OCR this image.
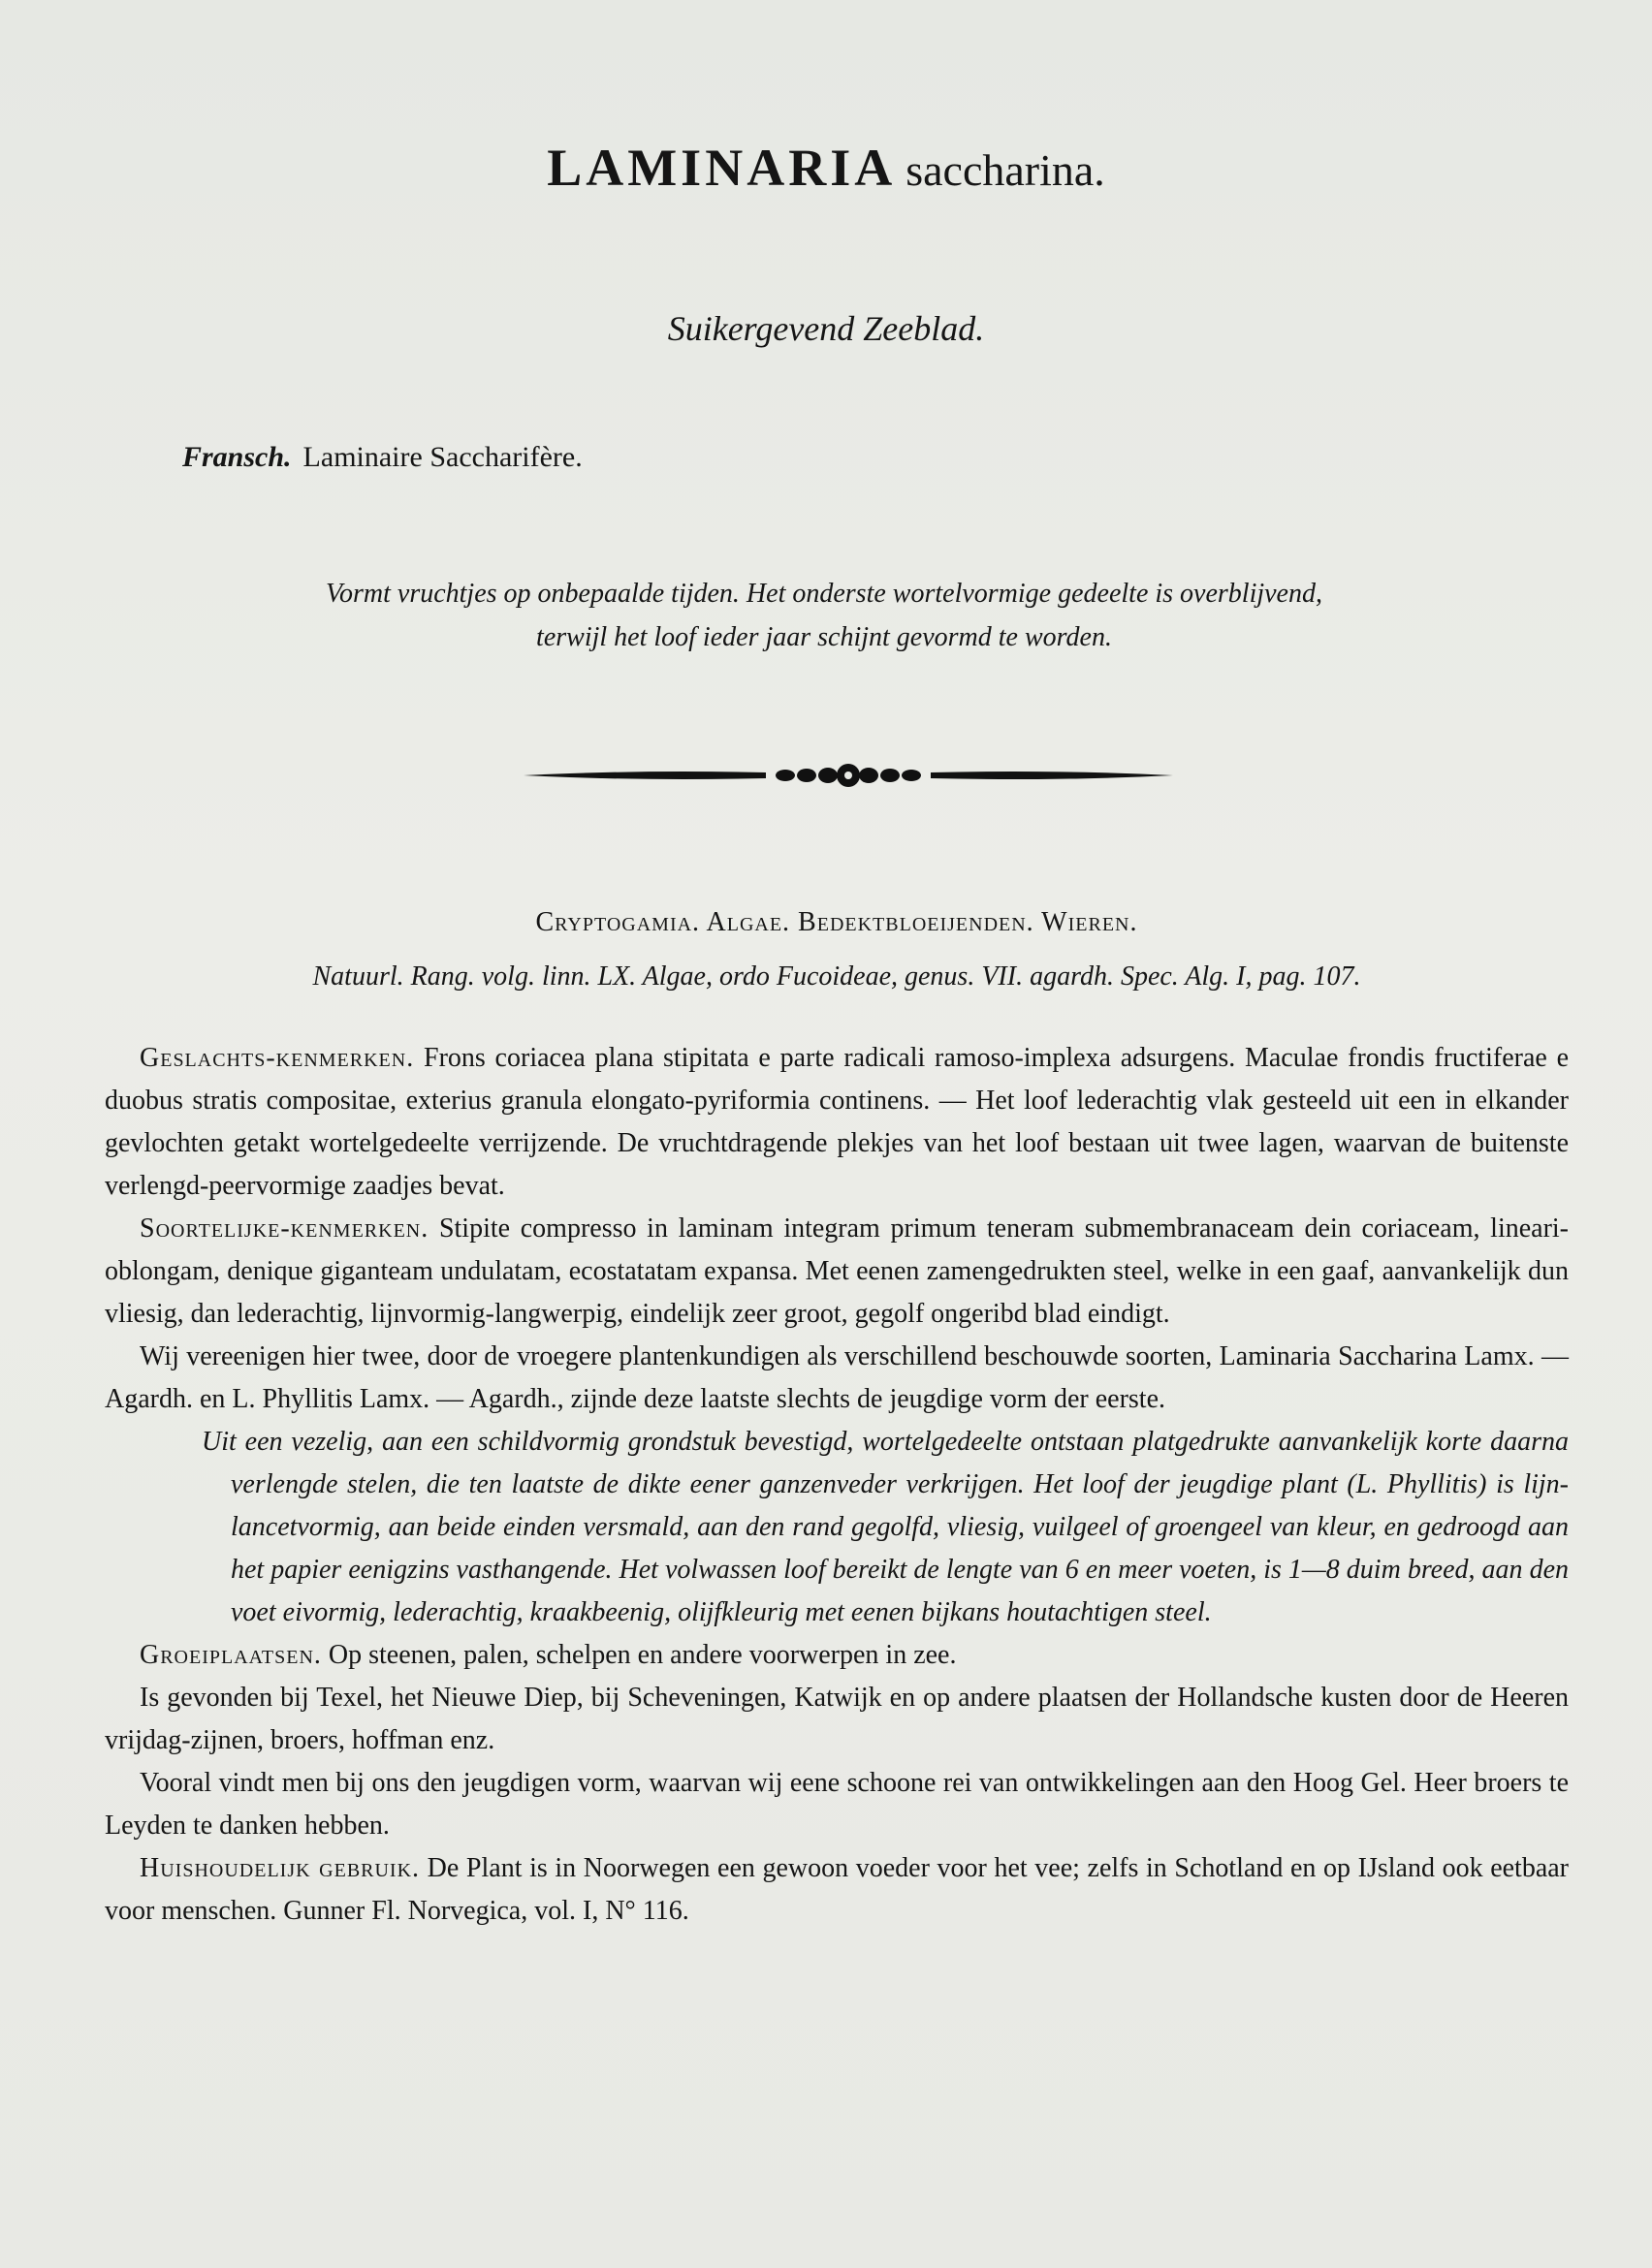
LAMINARIA saccharina.
Suikergevend Zeeblad.
Fransch. Laminaire Saccharifère.
Vormt vruchtjes op onbepaalde tijden. Het onderste wortelvormige gedeelte is overblijvend,
terwijl het loof ieder jaar schijnt gevormd te worden.
Cryptogamia. Algae. Bedektbloeijenden. Wieren.
Natuurl. Rang. volg. linn. LX. Algae, ordo Fucoideae, genus. VII. agardh. Spec. Alg. I, pag. 107.

Geslachts-kenmerken. Frons coriacea plana stipitata e parte radicali ramoso-implexa adsurgens. Maculae frondis fructiferae e duobus stratis compositae, exterius granula elongato-pyriformia continens. — Het loof lederachtig vlak gesteeld uit een in elkander gevlochten getakt wortelgedeelte verrijzende. De vruchtdragende plekjes van het loof bestaan uit twee lagen, waarvan de buitenste verlengd-peervormige zaadjes bevat.

Soortelijke-kenmerken. Stipite compresso in laminam integram primum teneram submembranaceam dein coriaceam, lineari-oblongam, denique giganteam undulatam, ecostatatam expansa. Met eenen zamengedrukten steel, welke in een gaaf, aanvankelijk dun vliesig, dan lederachtig, lijnvormig-langwerpig, eindelijk zeer groot, gegolf ongeribd blad eindigt.

Wij vereenigen hier twee, door de vroegere plantenkundigen als verschillend beschouwde soorten, Laminaria Saccharina Lamx. — Agardh. en L. Phyllitis Lamx. — Agardh., zijnde deze laatste slechts de jeugdige vorm der eerste.

Uit een vezelig, aan een schildvormig grondstuk bevestigd, wortelgedeelte ontstaan platgedrukte aanvankelijk korte daarna verlengde stelen, die ten laatste de dikte eener ganzenveder verkrijgen. Het loof der jeugdige plant (L. Phyllitis) is lijn-lancetvormig, aan beide einden versmald, aan den rand gegolfd, vliesig, vuilgeel of groengeel van kleur, en gedroogd aan het papier eenigzins vasthangende. Het volwassen loof bereikt de lengte van 6 en meer voeten, is 1—8 duim breed, aan den voet eivormig, lederachtig, kraakbeenig, olijfkleurig met eenen bijkans houtachtigen steel.

Groeiplaatsen. Op steenen, palen, schelpen en andere voorwerpen in zee.

Is gevonden bij Texel, het Nieuwe Diep, bij Scheveningen, Katwijk en op andere plaatsen der Hollandsche kusten door de Heeren vrijdag-zijnen, broers, hoffman enz.

Vooral vindt men bij ons den jeugdigen vorm, waarvan wij eene schoone rei van ontwikkelingen aan den Hoog Gel. Heer broers te Leyden te danken hebben.

Huishoudelijk gebruik. De Plant is in Noorwegen een gewoon voeder voor het vee; zelfs in Schotland en op IJsland ook eetbaar voor menschen. Gunner Fl. Norvegica, vol. I, N° 116.
